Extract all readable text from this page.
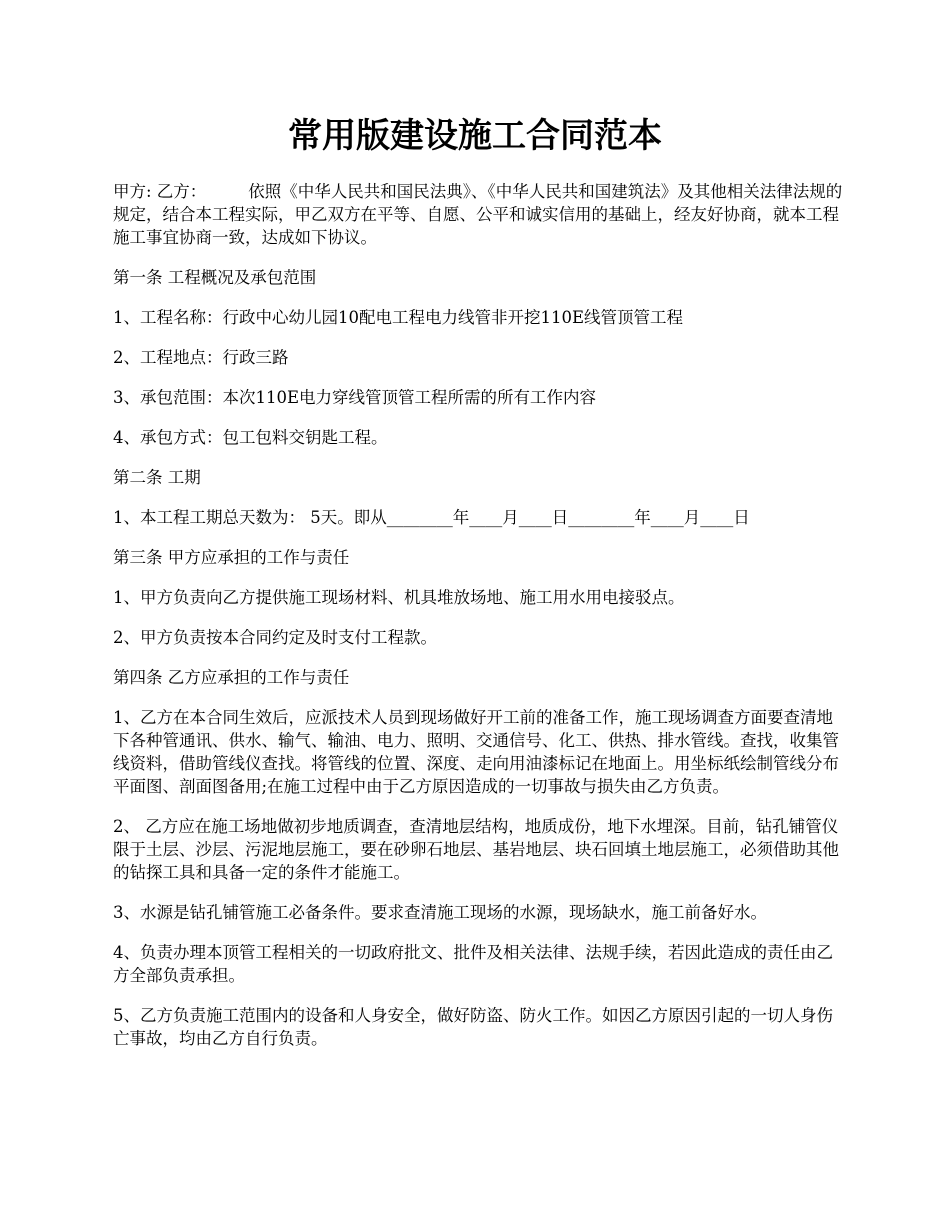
常用版建设施工合同范本

甲方: 乙方：        依照《中华人民共和国民法典》、《中华人民共和国建筑法》及其他相关法律法规的规定，结合本工程实际，甲乙双方在平等、自愿、公平和诚实信用的基础上，经友好协商，就本工程施工事宜协商一致，达成如下协议。

第一条 工程概况及承包范围

1、工程名称：行政中心幼儿园10配电工程电力线管非开挖110E线管顶管工程

2、工程地点：行政三路

3、承包范围：本次110E电力穿线管顶管工程所需的所有工作内容

4、承包方式：包工包料交钥匙工程。

第二条 工期

1、本工程工期总天数为： 5天。即从________年____月____日________年____月____日

第三条 甲方应承担的工作与责任

1、甲方负责向乙方提供施工现场材料、机具堆放场地、施工用水用电接驳点。

2、甲方负责按本合同约定及时支付工程款。

第四条 乙方应承担的工作与责任

1、乙方在本合同生效后，应派技术人员到现场做好开工前的准备工作，施工现场调查方面要查清地下各种管通讯、供水、输气、输油、电力、照明、交通信号、化工、供热、排水管线。查找，收集管线资料，借助管线仪查找。将管线的位置、深度、走向用油漆标记在地面上。用坐标纸绘制管线分布平面图、剖面图备用;在施工过程中由于乙方原因造成的一切事故与损失由乙方负责。

2、 乙方应在施工场地做初步地质调查，查清地层结构，地质成份，地下水埋深。目前，钻孔铺管仪限于土层、沙层、污泥地层施工，要在砂卵石地层、基岩地层、块石回填土地层施工，必须借助其他的钻探工具和具备一定的条件才能施工。

3、水源是钻孔铺管施工必备条件。要求查清施工现场的水源，现场缺水，施工前备好水。

4、负责办理本顶管工程相关的一切政府批文、批件及相关法律、法规手续，若因此造成的责任由乙方全部负责承担。

5、乙方负责施工范围内的设备和人身安全，做好防盗、防火工作。如因乙方原因引起的一切人身伤亡事故，均由乙方自行负责。
